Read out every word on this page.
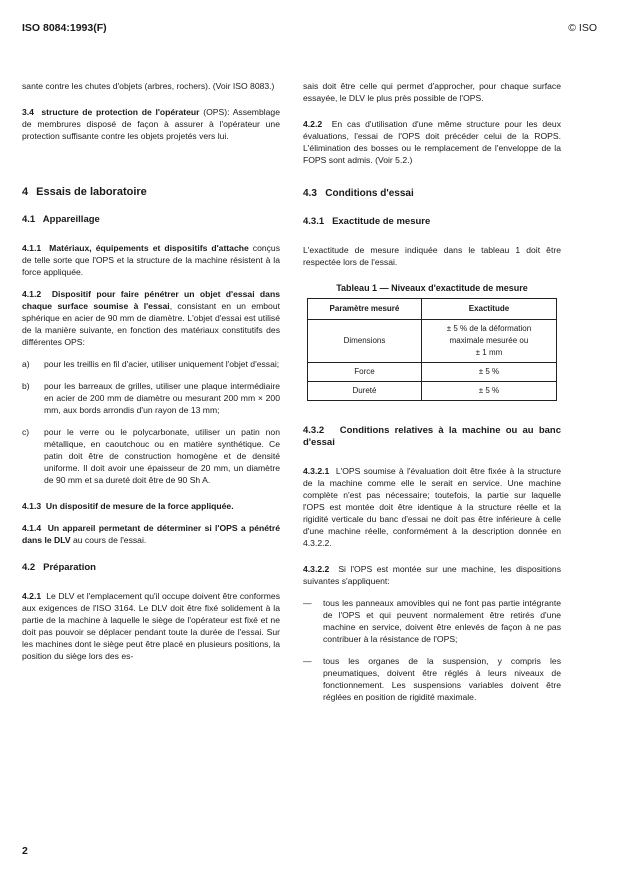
ISO 8084:1993(F)	© ISO

sante contre les chutes d'objets (arbres, rochers). (Voir ISO 8083.)

3.4 structure de protection de l'opérateur (OPS): Assemblage de membrures disposé de façon à assurer à l'opérateur une protection suffisante contre les objets projetés vers lui.

4 Essais de laboratoire
4.1 Appareillage

4.1.1 Matériaux, équipements et dispositifs d'attache conçus de telle sorte que l'OPS et la structure de la machine résistent à la force appliquée.

4.1.2 Dispositif pour faire pénétrer un objet d'essai dans chaque surface soumise à l'essai, consistant en un embout sphérique en acier de 90 mm de diamètre. L'objet d'essai est utilisé de la manière suivante, en fonction des matériaux constitutifs des différentes OPS:

a)	pour les treillis en fil d'acier, utiliser uniquement l'objet d'essai;
b)	pour les barreaux de grilles, utiliser une plaque intermédiaire en acier de 200 mm de diamètre ou mesurant 200 mm × 200 mm, aux bords arrondis d'un rayon de 13 mm;
c)	pour le verre ou le polycarbonate, utiliser un patin non métallique, en caoutchouc ou en matière synthétique. Ce patin doit être de construction homogène et de densité uniforme. Il doit avoir une épaisseur de 20 mm, un diamètre de 90 mm et sa dureté doit être de 90 Sh A.

4.1.3 Un dispositif de mesure de la force appliquée.

4.1.4 Un appareil permetant de déterminer si l'OPS a pénétré dans le DLV au cours de l'essai.

4.2 Préparation

4.2.1 Le DLV et l'emplacement qu'il occupe doivent être conformes aux exigences de l'ISO 3164. Le DLV doit être fixé solidement à la partie de la machine à laquelle le siège de l'opérateur est fixé et ne doit pas pouvoir se déplacer pendant toute la durée de l'essai. Sur les machines dont le siège peut être placé en plusieurs positions, la position du siège lors des es-

sais doit être celle qui permet d'approcher, pour chaque surface essayée, le DLV le plus près possible de l'OPS.

4.2.2 En cas d'utilisation d'une même structure pour les deux évaluations, l'essai de l'OPS doit précéder celui de la ROPS. L'élimination des bosses ou le remplacement de l'enveloppe de la FOPS sont admis. (Voir 5.2.)

4.3 Conditions d'essai
4.3.1 Exactitude de mesure

L'exactitude de mesure indiquée dans le tableau 1 doit être respectée lors de l'essai.

Tableau 1 — Niveaux d'exactitude de mesure
Paramètre mesuré	Exactitude
Dimensions	± 5 % de la déformation
maximale mesurée ou
± 1 mm

Force	± 5 %
Dureté	± 5 %
4.3.2 Conditions relatives à la machine ou au banc d'essai

4.3.2.1 L'OPS soumise à l'évaluation doit être fixée à la structure de la machine comme elle le serait en service. Une machine complète n'est pas nécessaire; toutefois, la partie sur laquelle l'OPS est montée doit être identique à la structure réelle et la rigidité verticale du banc d'essai ne doit pas être inférieure à celle d'une machine réelle, conformément à la description donnée en 4.3.2.2.

4.3.2.2 Si l'OPS est montée sur une machine, les dispositions suivantes s'appliquent:

—	tous les panneaux amovibles qui ne font pas partie intégrante de l'OPS et qui peuvent normalement être retirés d'une machine en service, doivent être enlevés de façon à ne pas contribuer à la résistance de l'OPS;
—	tous les organes de la suspension, y compris les pneumatiques, doivent être réglés à leurs niveaux de fonctionnement. Les suspensions variables doivent être réglées en position de rigidité maximale.
2
